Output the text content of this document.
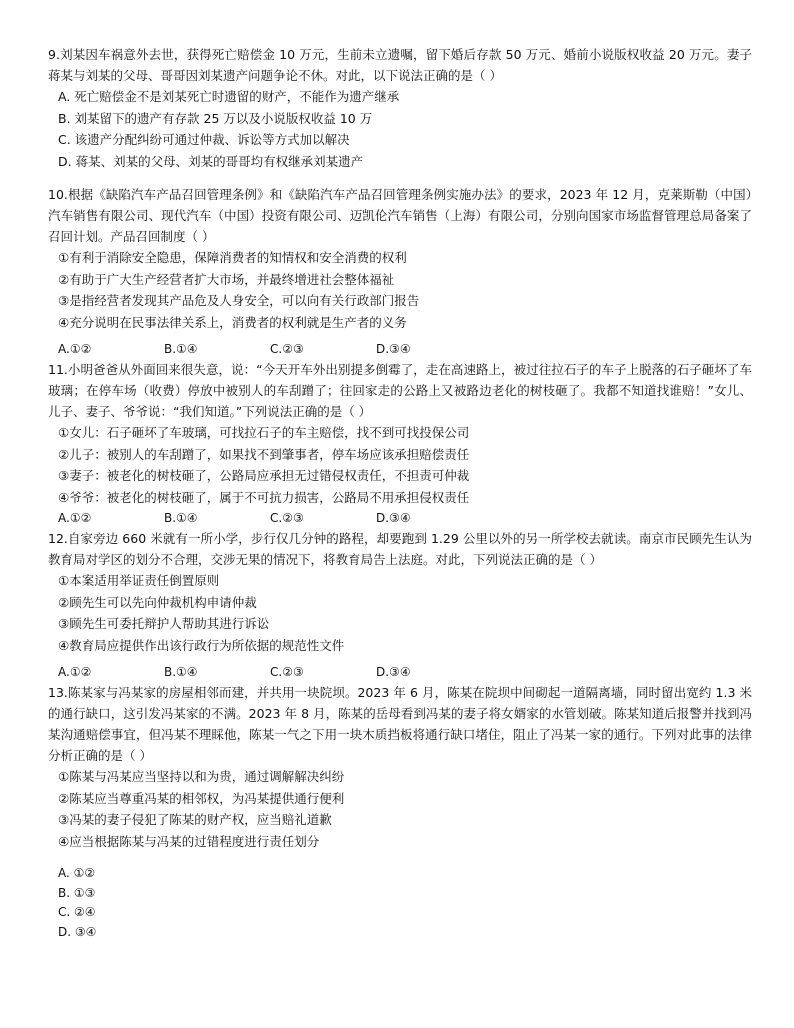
9.刘某因车祸意外去世，获得死亡赔偿金 10 万元，生前未立遗嘱，留下婚后存款 50 万元、婚前小说版权收益 20 万元。妻子蒋某与刘某的父母、哥哥因刘某遗产问题争论不休。对此，以下说法正确的是（ ）

A. 死亡赔偿金不是刘某死亡时遗留的财产，不能作为遗产继承

B. 刘某留下的遗产有存款 25 万以及小说版权收益 10 万

C. 该遗产分配纠纷可通过仲裁、诉讼等方式加以解决

D. 蒋某、刘某的父母、刘某的哥哥均有权继承刘某遗产

10.根据《缺陷汽车产品召回管理条例》和《缺陷汽车产品召回管理条例实施办法》的要求，2023 年 12 月，克莱斯勒（中国）汽车销售有限公司、现代汽车（中国）投资有限公司、迈凯伦汽车销售（上海）有限公司，分别向国家市场监督管理总局备案了召回计划。产品召回制度（ ）

①有利于消除安全隐患，保障消费者的知情权和安全消费的权利

②有助于广大生产经营者扩大市场，并最终增进社会整体福祉

③是指经营者发现其产品危及人身安全，可以向有关行政部门报告

④充分说明在民事法律关系上，消费者的权利就是生产者的义务

A.①②	B.①④	C.②③	D.③④

11.小明爸爸从外面回来很失意，说：“今天开车外出别提多倒霉了，走在高速路上，被过往拉石子的车子上脱落的石子砸坏了车玻璃；在停车场（收费）停放中被别人的车刮蹭了；往回家走的公路上又被路边老化的树枝砸了。我都不知道找谁赔！”女儿、儿子、妻子、爷爷说：“我们知道。”下列说法正确的是（ ）

①女儿：石子砸坏了车玻璃，可找拉石子的车主赔偿，找不到可找投保公司

②儿子：被别人的车刮蹭了，如果找不到肇事者，停车场应该承担赔偿责任

③妻子：被老化的树枝砸了，公路局应承担无过错侵权责任，不担责可仲裁

④爷爷：被老化的树枝砸了，属于不可抗力损害，公路局不用承担侵权责任

A.①②	B.①④	C.②③	D.③④

12.自家旁边 660 米就有一所小学，步行仅几分钟的路程，却要跑到 1.29 公里以外的另一所学校去就读。南京市民顾先生认为教育局对学区的划分不合理，交涉无果的情况下，将教育局告上法庭。对此，下列说法正确的是（ ）

①本案适用举证责任倒置原则

②顾先生可以先向仲裁机构申请仲裁

③顾先生可委托辩护人帮助其进行诉讼

④教育局应提供作出该行政行为所依据的规范性文件

A.①②	B.①④	C.②③	D.③④

13.陈某家与冯某家的房屋相邻而建，并共用一块院坝。2023 年 6 月，陈某在院坝中间砌起一道隔离墙，同时留出宽约 1.3 米的通行缺口，这引发冯某家的不满。2023 年 8 月，陈某的岳母看到冯某的妻子将女婿家的水管划破。陈某知道后报警并找到冯某沟通赔偿事宜，但冯某不理睬他，陈某一气之下用一块木质挡板将通行缺口堵住，阻止了冯某一家的通行。下列对此事的法律分析正确的是（ ）

①陈某与冯某应当坚持以和为贵，通过调解解决纠纷

②陈某应当尊重冯某的相邻权，为冯某提供通行便利

③冯某的妻子侵犯了陈某的财产权，应当赔礼道歉

④应当根据陈某与冯某的过错程度进行责任划分

A. ①②
B. ①③
C. ②④
D. ③④
